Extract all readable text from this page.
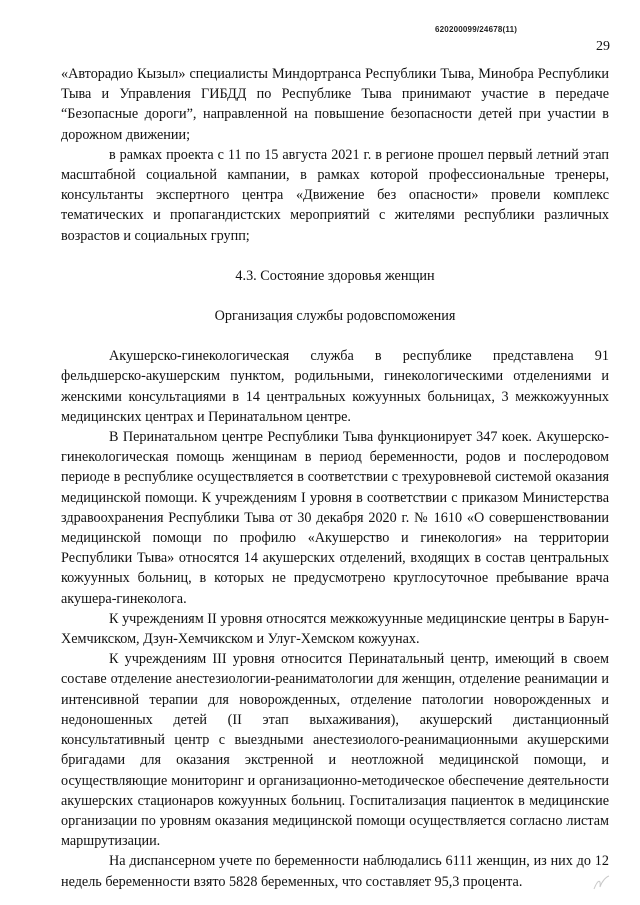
620200099/24678(11)
29

«Авторадио Кызыл» специалисты Миндортранса Республики Тыва, Минобра Республики Тыва и Управления ГИБДД по Республике Тыва принимают участие в передаче “Безопасные дороги”, направленной на повышение безопасности детей при участии в дорожном движении;

в рамках проекта с 11 по 15 августа 2021 г. в регионе прошел первый летний этап масштабной социальной кампании, в рамках которой профессиональные тренеры, консультанты экспертного центра «Движение без опасности» провели комплекс тематических и пропагандистских мероприятий с жителями республики различных возрастов и социальных групп;

4.3. Состояние здоровья женщин

Организация службы родовспоможения

Акушерско-гинекологическая служба в республике представлена 91 фельдшерско-акушерским пунктом, родильными, гинекологическими отделениями и женскими консультациями в 14 центральных кожуунных больницах, 3 межкожуунных медицинских центрах и Перинатальном центре.

В Перинатальном центре Республики Тыва функционирует 347 коек. Акушерско-гинекологическая помощь женщинам в период беременности, родов и послеродовом периоде в республике осуществляется в соответствии с трехуровневой системой оказания медицинской помощи. К учреждениям I уровня в соответствии с приказом Министерства здравоохранения Республики Тыва от 30 декабря 2020 г. № 1610 «О совершенствовании медицинской помощи по профилю «Акушерство и гинекология» на территории Республики Тыва» относятся 14 акушерских отделений, входящих в состав центральных кожуунных больниц, в которых не предусмотрено круглосуточное пребывание врача акушера-гинеколога.

К учреждениям II уровня относятся межкожуунные медицинские центры в Барун-Хемчикском, Дзун-Хемчикском и Улуг-Хемском кожуунах.

К учреждениям III уровня относится Перинатальный центр, имеющий в своем составе отделение анестезиологии-реаниматологии для женщин, отделение реанимации и интенсивной терапии для новорожденных, отделение патологии новорожденных и недоношенных детей (II этап выхаживания), акушерский дистанционный консультативный центр с выездными анестезиолого-реанимационными акушерскими бригадами для оказания экстренной и неотложной медицинской помощи, и осуществляющие мониторинг и организационно-методическое обеспечение деятельности акушерских стационаров кожуунных больниц. Госпитализация пациенток в медицинские организации по уровням оказания медицинской помощи осуществляется согласно листам маршрутизации.

На диспансерном учете по беременности наблюдались 6111 женщин, из них до 12 недель беременности взято 5828 беременных, что составляет 95,3 процента.
